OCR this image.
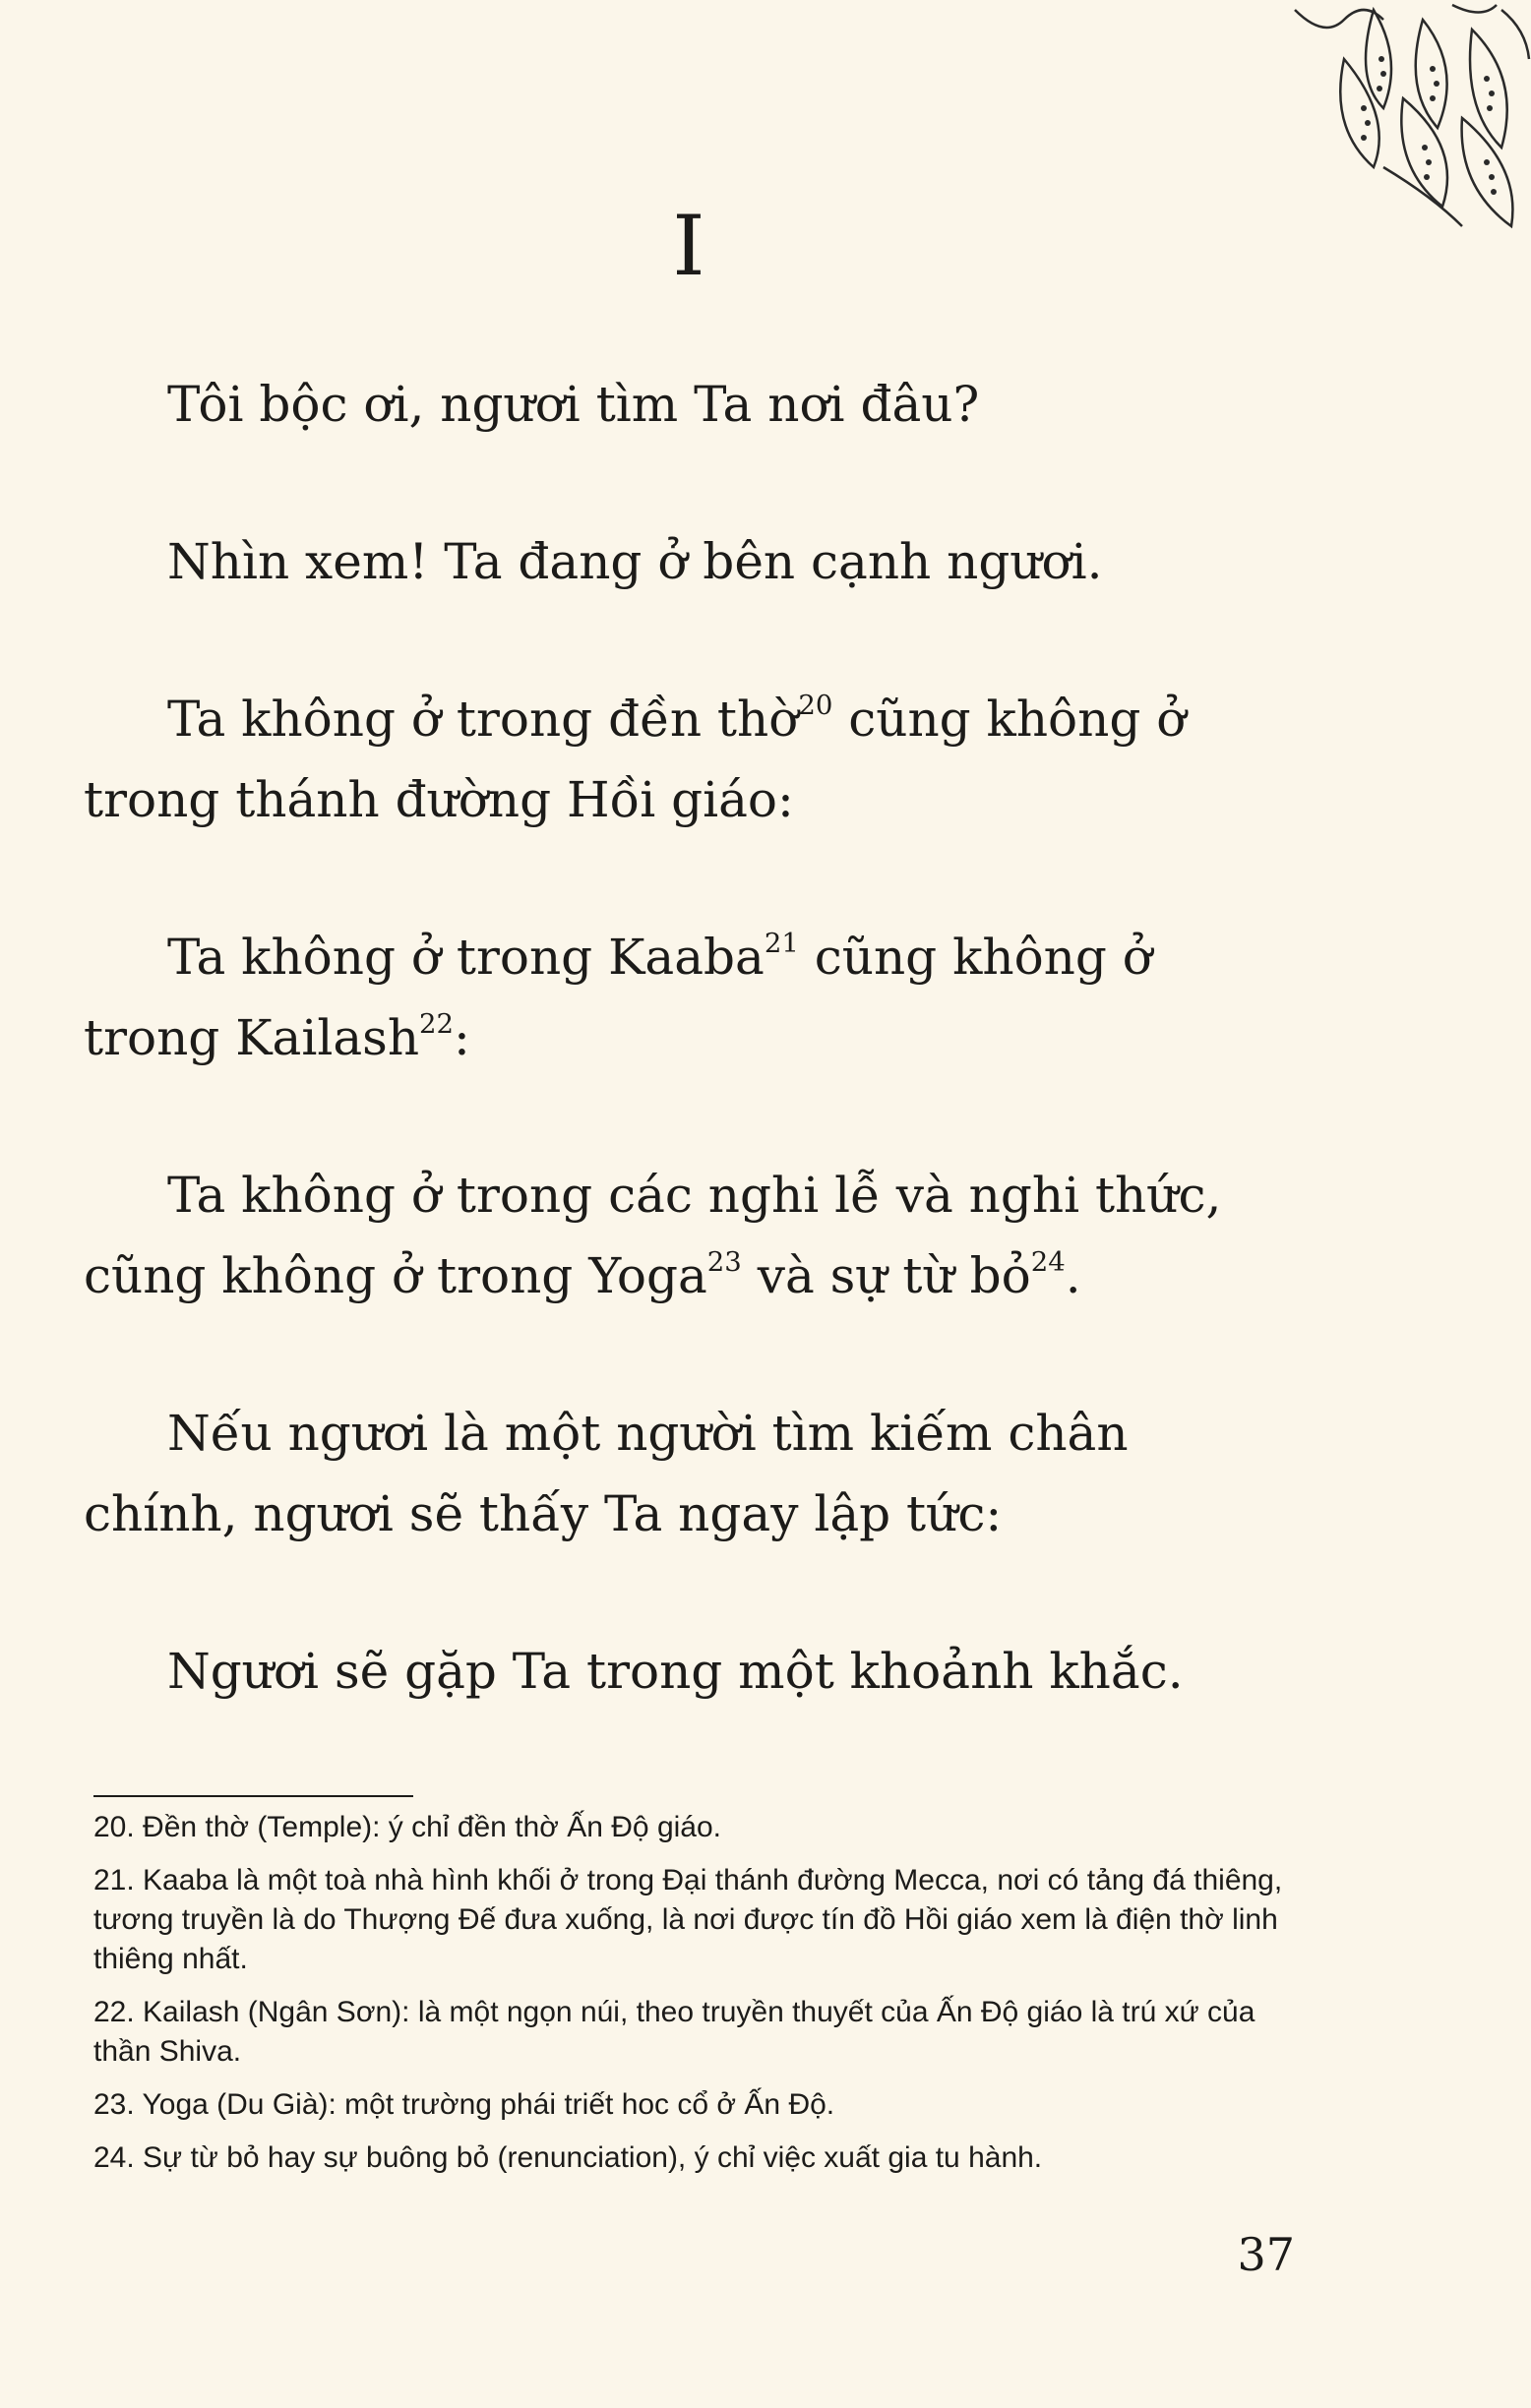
I

Tôi bộc ơi, ngươi tìm Ta nơi đâu?

Nhìn xem! Ta đang ở bên cạnh ngươi.

Ta không ở trong đền thờ$^{20}$ cũng không ở trong thánh đường Hồi giáo:

Ta không ở trong Kaaba$^{21}$ cũng không ở trong Kailash$^{22}$:

Ta không ở trong các nghi lễ và nghi thức, cũng không ở trong Yoga$^{23}$ và sự từ bỏ$^{24}$.

Nếu ngươi là một người tìm kiếm chân chính, ngươi sẽ thấy Ta ngay lập tức:

Ngươi sẽ gặp Ta trong một khoảnh khắc.

20. Đền thờ (Temple): ý chỉ đền thờ Ấn Độ giáo.

21. Kaaba là một toà nhà hình khối ở trong Đại thánh đường Mecca, nơi có tảng đá thiêng, tương truyền là do Thượng Đế đưa xuống, là nơi được tín đồ Hồi giáo xem là điện thờ linh thiêng nhất.

22. Kailash (Ngân Sơn): là một ngọn núi, theo truyền thuyết của Ấn Độ giáo là trú xứ của thần Shiva.

23. Yoga (Du Già): một trường phái triết hoc cổ ở Ấn Độ.

24. Sự từ bỏ hay sự buông bỏ (renunciation), ý chỉ việc xuất gia tu hành.

37
